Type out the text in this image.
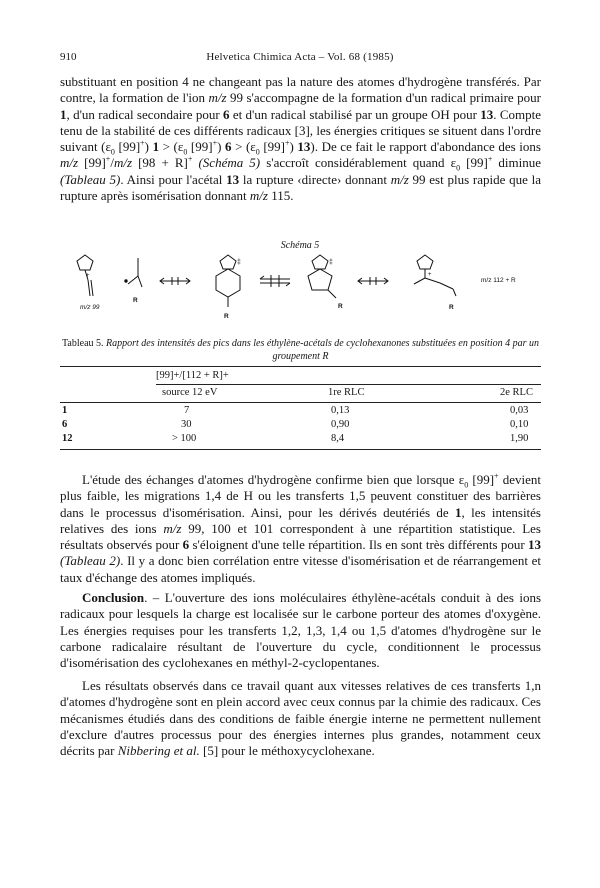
910	Helvetica Chimica Acta – Vol. 68 (1985)

substituant en position 4 ne changeant pas la nature des atomes d'hydrogène transférés. Par contre, la formation de l'ion m/z 99 s'accompagne de la formation d'un radical primaire pour 1, d'un radical secondaire pour 6 et d'un radical stabilisé par un groupe OH pour 13. Compte tenu de la stabilité de ces différents radicaux [3], les énergies critiques se situent dans l'ordre suivant ($\varepsilon_0$ [99]+) $1 > (\varepsilon_0$ [99]+) $6 > (\varepsilon_0$ [99]+) 13). De ce fait le rapport d'abondance des ions m/z [99]+/m/z [98 + R]+ (Schéma 5) s'accroît considérablement quand $\varepsilon_0$ [99]+ diminue (Tableau 5). Ainsi pour l'acétal 13 la rupture ‹directe› donnant m/z 99 est plus rapide que la rupture après isomérisation donnant m/z 115.

Schéma 5
+
m/z 99
R
‡
R
‡
R
+
R
m/z 112 + R
Tableau 5. Rapport des intensités des pics dans les éthylène-acétals de cyclohexanones substituées en position 4 par un groupement R
[99]+/[112 + R]+
source 12 eV	1re RLC	2e RLC
1	7	0,13	0,03
6	30	0,90	0,10
12	> 100	8,4	1,90

L'étude des échanges d'atomes d'hydrogène confirme bien que lorsque $\varepsilon_0$ [99]+ devient plus faible, les migrations 1,4 de H ou les transferts 1,5 peuvent constituer des barrières dans le processus d'isomérisation. Ainsi, pour les dérivés deutériés de 1, les intensités relatives des ions m/z 99, 100 et 101 correspondent à une répartition statistique. Les résultats observés pour 6 s'éloignent d'une telle répartition. Ils en sont très différents pour 13 (Tableau 2). Il y a donc bien corrélation entre vitesse d'isomérisation et de réarrangement et taux d'échange des atomes impliqués.

Conclusion. – L'ouverture des ions moléculaires éthylène-acétals conduit à des ions radicaux pour lesquels la charge est localisée sur le carbone porteur des atomes d'oxygène. Les énergies requises pour les transferts 1,2, 1,3, 1,4 ou 1,5 d'atomes d'hydrogène sur le carbone radicalaire résultant de l'ouverture du cycle, conditionnent le processus d'isomérisation des cyclohexanes en méthyl-2-cyclopentanes.

Les résultats observés dans ce travail quant aux vitesses relatives de ces transferts 1,n d'atomes d'hydrogène sont en plein accord avec ceux connus par la chimie des radicaux. Ces mécanismes étudiés dans des conditions de faible énergie interne ne permettent nullement d'exclure d'autres processus pour des énergies internes plus grandes, notamment ceux décrits par Nibbering et al. [5] pour le méthoxycyclohexane.
